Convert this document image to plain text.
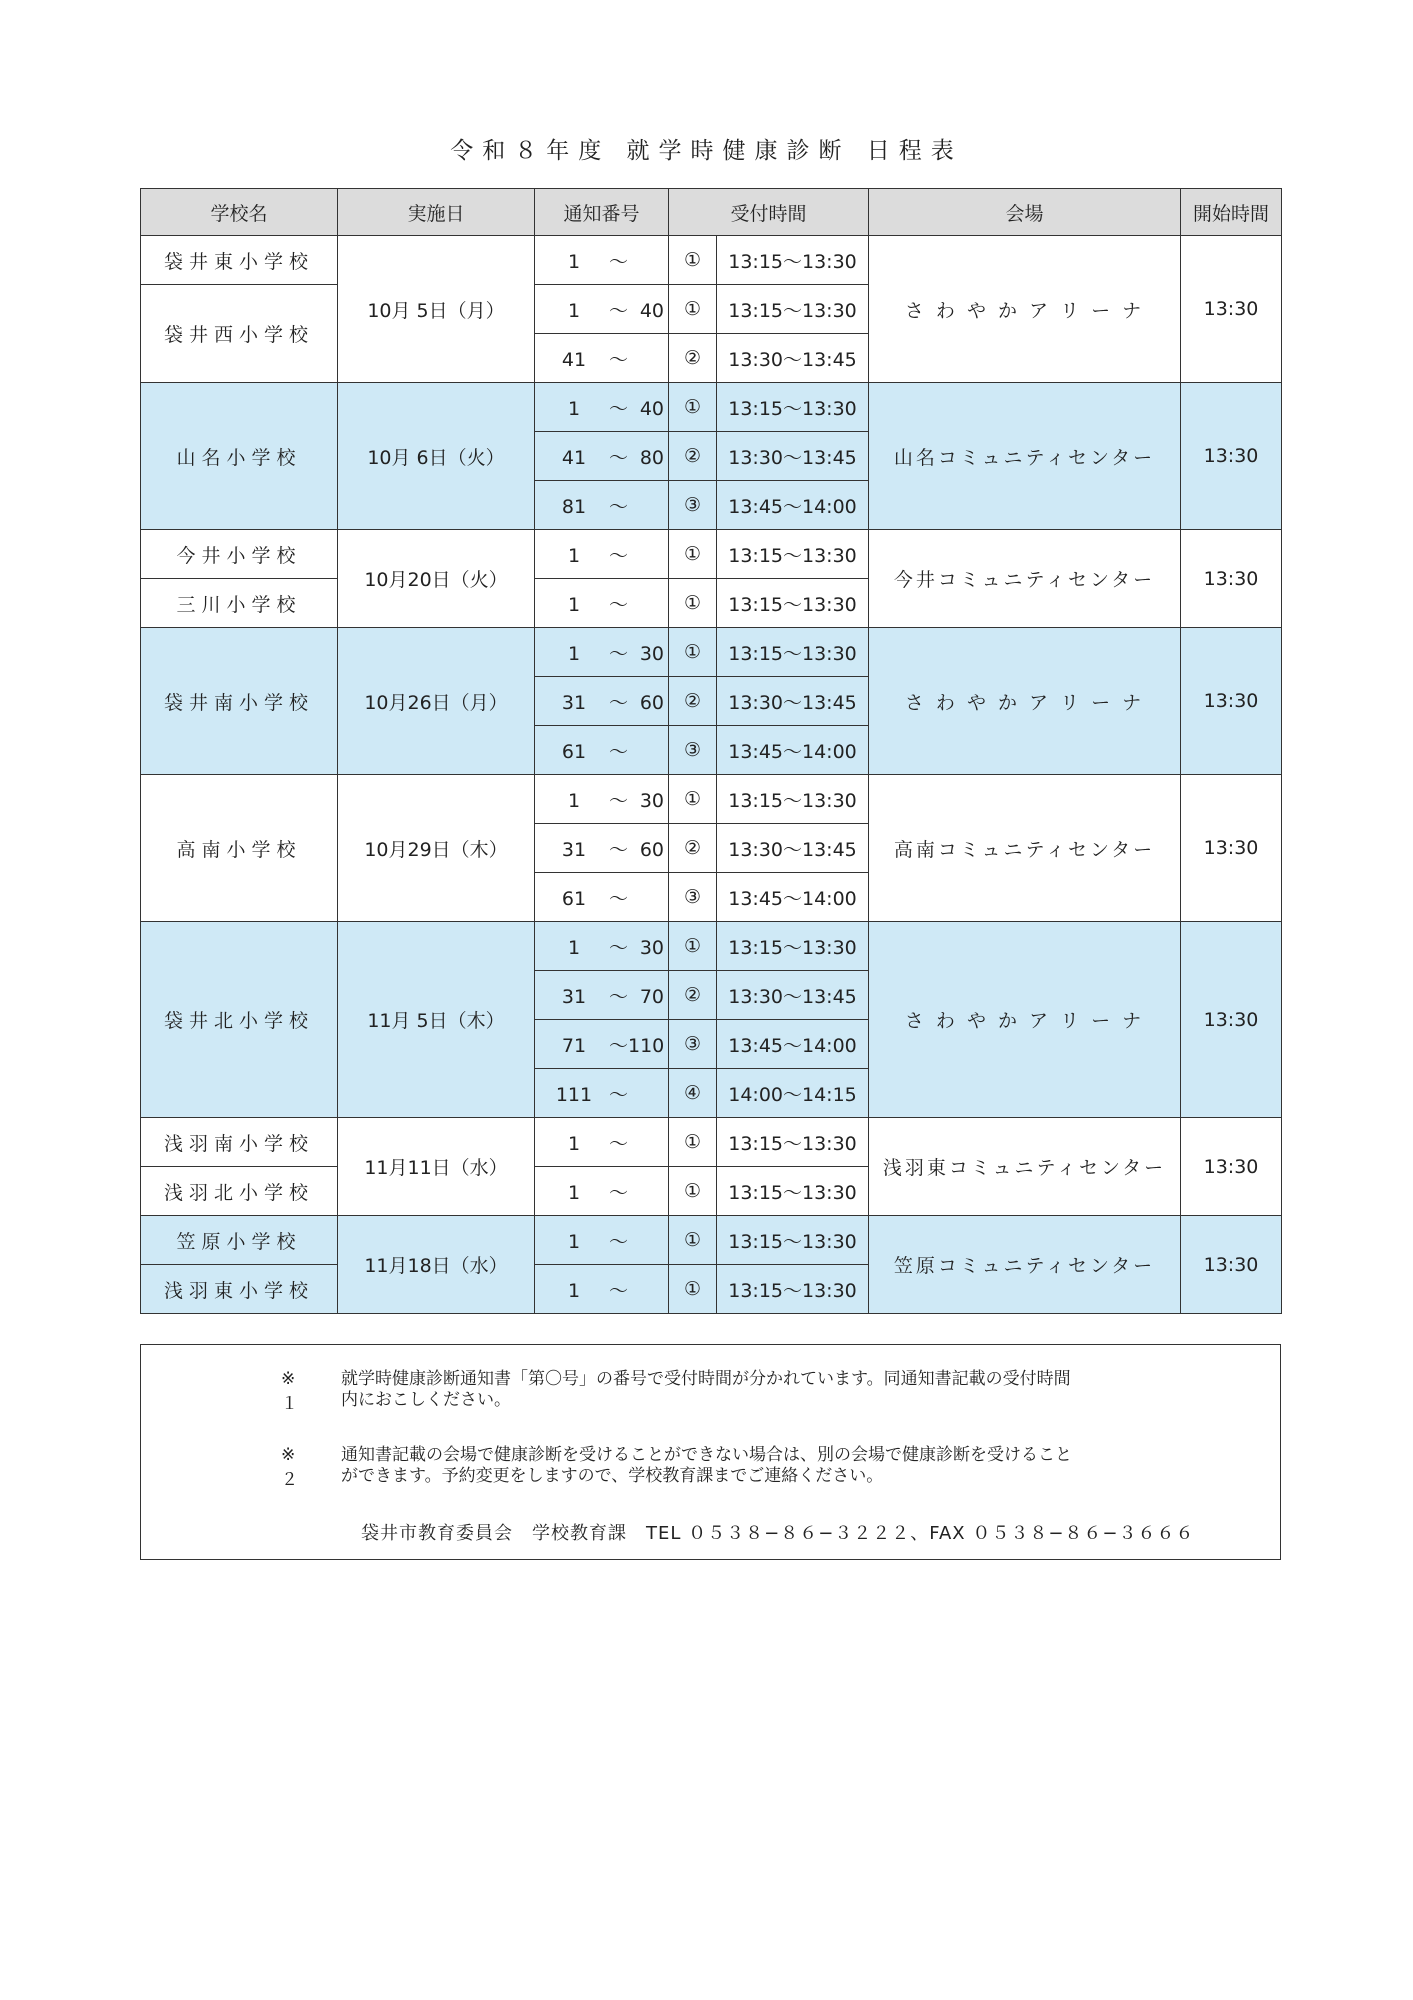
令和８年度 就学時健康診断 日程表
学校名	実施日	通知番号	受付時間		会場	開始時間
袋井東小学校	10月 5日（月）	1 〜	①	13:15〜13:30	さ わ や か ア リ ー ナ	13:30
袋井西小学校		1 〜 40	①	13:15〜13:30		
		41 〜	②	13:30〜13:45		
山名小学校	10月 6日（火）	1 〜 40	①	13:15〜13:30	山名コミュニティセンター	13:30
		41 〜 80	②	13:30〜13:45		
		81 〜	③	13:45〜14:00		
今井小学校	10月20日（火）	1 〜	①	13:15〜13:30	今井コミュニティセンター	13:30
三川小学校		1 〜	①	13:15〜13:30		
袋井南小学校	10月26日（月）	1 〜 30	①	13:15〜13:30	さ わ や か ア リ ー ナ	13:30
		31 〜 60	②	13:30〜13:45		
		61 〜	③	13:45〜14:00		
高南小学校	10月29日（木）	1 〜 30	①	13:15〜13:30	高南コミュニティセンター	13:30
		31 〜 60	②	13:30〜13:45		
		61 〜	③	13:45〜14:00		
袋井北小学校	11月 5日（木）	1 〜 30	①	13:15〜13:30	さ わ や か ア リ ー ナ	13:30
		31 〜 70	②	13:30〜13:45		
		71 〜110	③	13:45〜14:00		
		111 〜	④	14:00〜14:15		
浅羽南小学校	11月11日（水）	1 〜	①	13:15〜13:30	浅羽東コミュニティセンター	13:30
浅羽北小学校		1 〜	①	13:15〜13:30		
笠原小学校	11月18日（水）	1 〜	①	13:15〜13:30	笠原コミュニティセンター	13:30
浅羽東小学校		1 〜	①	13:15〜13:30		
※１
就学時健康診断通知書「第〇号」の番号で受付時間が分かれています。同通知書記載の受付時間内におこしください。
※２
通知書記載の会場で健康診断を受けることができない場合は、別の会場で健康診断を受けることができます。予約変更をしますので、学校教育課までご連絡ください。
袋井市教育委員会　学校教育課　TEL ０５３８−８６−３２２２、FAX ０５３８−８６−３６６６
